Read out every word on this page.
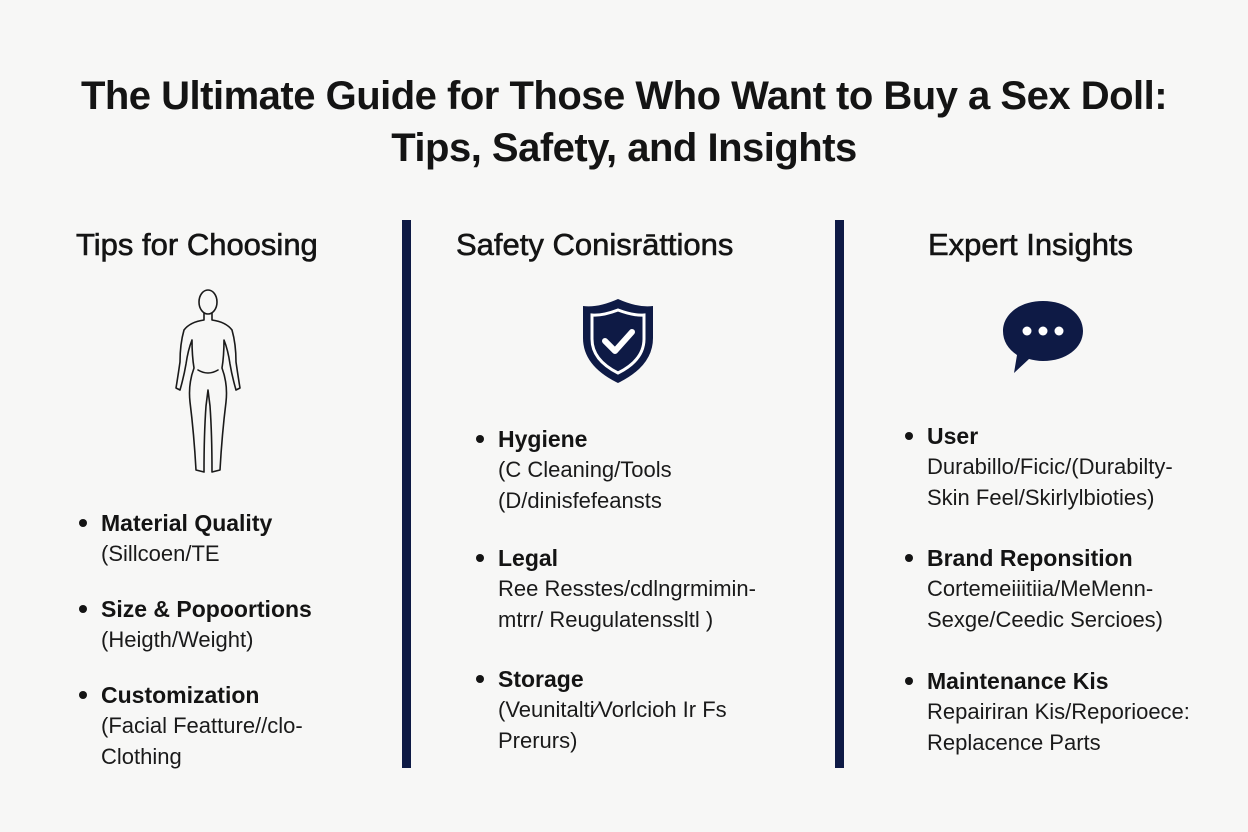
The Ultimate Guide for Those Who Want to Buy a Sex Doll:
Tips, Safety, and Insights
Tips for Choosing
Material Quality
(Sillcoen/TE
Size & Popoortions
(Heigth/Weight)
Customization
(Facial Featture//clo-
Clothing
Safety Conisrāttions
Hygiene
(C Cleaning/Tools
(D/dinisfefeansts
Legal
Ree Resstes/cdlngrmimin-
mtrr/ Reugulatenssltl )
Storage
(Veunitalti∕Vorlcioh Ir Fs
Prerurs)
Expert Insights
User
Durabillo/Ficic/(Durabilty-
Skin Feel/Skirlylbioties)
Brand Reponsition
Cortemeiiitiia/MeMenn-
Sexge/Ceedic Sercioes)
Maintenance Kis
Repairiran Kis/Reporioece:
Replacence Parts
